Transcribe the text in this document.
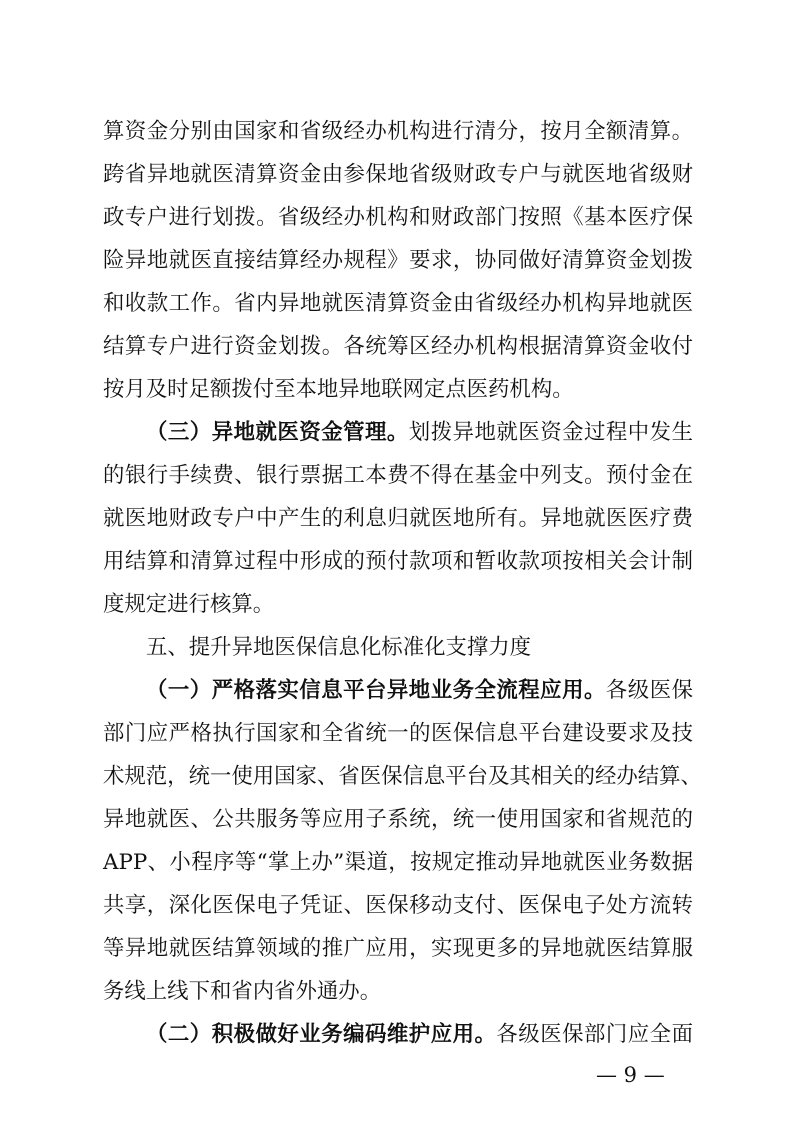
算资金分别由国家和省级经办机构进行清分，按月全额清算。
跨省异地就医清算资金由参保地省级财政专户与就医地省级财
政专户进行划拨。省级经办机构和财政部门按照《基本医疗保
险异地就医直接结算经办规程》要求，协同做好清算资金划拨
和收款工作。省内异地就医清算资金由省级经办机构异地就医
结算专户进行资金划拨。各统筹区经办机构根据清算资金收付
按月及时足额拨付至本地异地联网定点医药机构。
（三）异地就医资金管理。划拨异地就医资金过程中发生
的银行手续费、银行票据工本费不得在基金中列支。预付金在
就医地财政专户中产生的利息归就医地所有。异地就医医疗费
用结算和清算过程中形成的预付款项和暂收款项按相关会计制
度规定进行核算。
五、提升异地医保信息化标准化支撑力度
（一）严格落实信息平台异地业务全流程应用。各级医保
部门应严格执行国家和全省统一的医保信息平台建设要求及技
术规范，统一使用国家、省医保信息平台及其相关的经办结算、
异地就医、公共服务等应用子系统，统一使用国家和省规范的
APP、小程序等“掌上办”渠道，按规定推动异地就医业务数据
共享，深化医保电子凭证、医保移动支付、医保电子处方流转
等异地就医结算领域的推广应用，实现更多的异地就医结算服
务线上线下和省内省外通办。
（二）积极做好业务编码维护应用。各级医保部门应全面
— 9 —
